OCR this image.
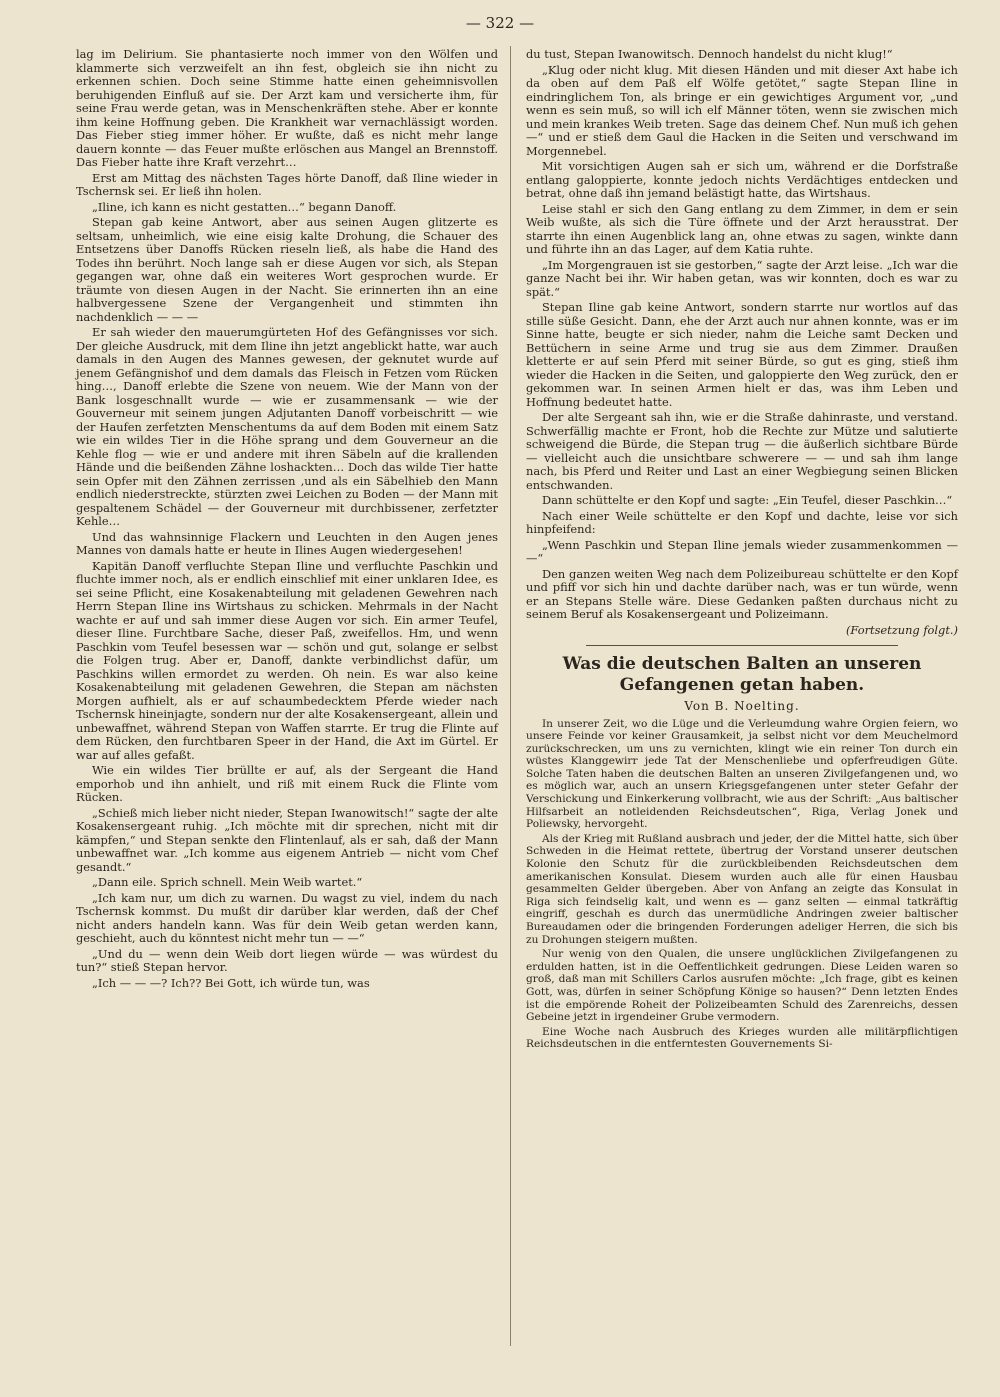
— 322 —

lag im Delirium. Sie phantasierte noch immer von den Wölfen und klammerte sich verzweifelt an ihn fest, obgleich sie ihn nicht zu erkennen schien. Doch seine Stimme hatte einen geheimnisvollen beruhigenden Einfluß auf sie. Der Arzt kam und versicherte ihm, für seine Frau werde getan, was in Menschenkräften stehe. Aber er konnte ihm keine Hoffnung geben. Die Krankheit war vernachlässigt worden. Das Fieber stieg immer höher. Er wußte, daß es nicht mehr lange dauern konnte — das Feuer mußte erlöschen aus Mangel an Brennstoff. Das Fieber hatte ihre Kraft verzehrt…

Erst am Mittag des nächsten Tages hörte Danoff, daß Iline wieder in Tschernsk sei. Er ließ ihn holen.

„Iline, ich kann es nicht gestatten…“ begann Danoff.

Stepan gab keine Antwort, aber aus seinen Augen glitzerte es seltsam, unheimlich, wie eine eisig kalte Drohung, die Schauer des Entsetzens über Danoffs Rücken rieseln ließ, als habe die Hand des Todes ihn berührt. Noch lange sah er diese Augen vor sich, als Stepan gegangen war, ohne daß ein weiteres Wort gesprochen wurde. Er träumte von diesen Augen in der Nacht. Sie erinnerten ihn an eine halbvergessene Szene der Vergangenheit und stimmten ihn nachdenklich — — —

Er sah wieder den mauerumgürteten Hof des Gefängnisses vor sich. Der gleiche Ausdruck, mit dem Iline ihn jetzt angeblickt hatte, war auch damals in den Augen des Mannes gewesen, der geknutet wurde auf jenem Gefängnishof und dem damals das Fleisch in Fetzen vom Rücken hing…, Danoff erlebte die Szene von neuem. Wie der Mann von der Bank losgeschnallt wurde — wie er zusammensank — wie der Gouverneur mit seinem jungen Adjutanten Danoff vorbeischritt — wie der Haufen zerfetzten Menschentums da auf dem Boden mit einem Satz wie ein wildes Tier in die Höhe sprang und dem Gouverneur an die Kehle flog — wie er und andere mit ihren Säbeln auf die krallenden Hände und die beißenden Zähne loshackten… Doch das wilde Tier hatte sein Opfer mit den Zähnen zerrissen ‚und als ein Säbelhieb den Mann endlich niederstreckte, stürzten zwei Leichen zu Boden — der Mann mit gespaltenem Schädel — der Gouverneur mit durchbissener, zerfetzter Kehle…

Und das wahnsinnige Flackern und Leuchten in den Augen jenes Mannes von damals hatte er heute in Ilines Augen wiedergesehen!

Kapitän Danoff verfluchte Stepan Iline und verfluchte Paschkin und fluchte immer noch, als er endlich einschlief mit einer unklaren Idee, es sei seine Pflicht, eine Kosakenabteilung mit geladenen Gewehren nach Herrn Stepan Iline ins Wirtshaus zu schicken. Mehrmals in der Nacht wachte er auf und sah immer diese Augen vor sich. Ein armer Teufel, dieser Iline. Furchtbare Sache, dieser Paß, zweifellos. Hm, und wenn Paschkin vom Teufel besessen war — schön und gut, solange er selbst die Folgen trug. Aber er, Danoff, dankte verbindlichst dafür, um Paschkins willen ermordet zu werden. Oh nein. Es war also keine Kosakenabteilung mit geladenen Gewehren, die Stepan am nächsten Morgen aufhielt, als er auf schaumbedecktem Pferde wieder nach Tschernsk hineinjagte, sondern nur der alte Kosakensergeant, allein und unbewaffnet, während Stepan von Waffen starrte. Er trug die Flinte auf dem Rücken, den furchtbaren Speer in der Hand, die Axt im Gürtel. Er war auf alles gefaßt.

Wie ein wildes Tier brüllte er auf, als der Sergeant die Hand emporhob und ihn anhielt, und riß mit einem Ruck die Flinte vom Rücken.

„Schieß mich lieber nicht nieder, Stepan Iwanowitsch!“ sagte der alte Kosakensergeant ruhig. „Ich möchte mit dir sprechen, nicht mit dir kämpfen,“ und Stepan senkte den Flintenlauf, als er sah, daß der Mann unbewaffnet war. „Ich komme aus eigenem Antrieb — nicht vom Chef gesandt.“

„Dann eile. Sprich schnell. Mein Weib wartet.“

„Ich kam nur, um dich zu warnen. Du wagst zu viel, indem du nach Tschernsk kommst. Du mußt dir darüber klar werden, daß der Chef nicht anders handeln kann. Was für dein Weib getan werden kann, geschieht, auch du könntest nicht mehr tun — —“

„Und du — wenn dein Weib dort liegen würde — was würdest du tun?“ stieß Stepan hervor.

„Ich — — —? Ich?? Bei Gott, ich würde tun, was

du tust, Stepan Iwanowitsch. Dennoch handelst du nicht klug!“

„Klug oder nicht klug. Mit diesen Händen und mit dieser Axt habe ich da oben auf dem Paß elf Wölfe getötet,“ sagte Stepan Iline in eindringlichem Ton, als bringe er ein gewichtiges Argument vor, „und wenn es sein muß, so will ich elf Männer töten, wenn sie zwischen mich und mein krankes Weib treten. Sage das deinem Chef. Nun muß ich gehen —“ und er stieß dem Gaul die Hacken in die Seiten und verschwand im Morgennebel.

Mit vorsichtigen Augen sah er sich um, während er die Dorfstraße entlang galoppierte, konnte jedoch nichts Verdächtiges entdecken und betrat, ohne daß ihn jemand belästigt hatte, das Wirtshaus.

Leise stahl er sich den Gang entlang zu dem Zimmer, in dem er sein Weib wußte, als sich die Türe öffnete und der Arzt herausstrat. Der starrte ihn einen Augenblick lang an, ohne etwas zu sagen, winkte dann und führte ihn an das Lager, auf dem Katia ruhte.

„Im Morgengrauen ist sie gestorben,“ sagte der Arzt leise. „Ich war die ganze Nacht bei ihr. Wir haben getan, was wir konnten, doch es war zu spät.“

Stepan Iline gab keine Antwort, sondern starrte nur wortlos auf das stille süße Gesicht. Dann, ehe der Arzt auch nur ahnen konnte, was er im Sinne hatte, beugte er sich nieder, nahm die Leiche samt Decken und Bettüchern in seine Arme und trug sie aus dem Zimmer. Draußen kletterte er auf sein Pferd mit seiner Bürde, so gut es ging, stieß ihm wieder die Hacken in die Seiten, und galoppierte den Weg zurück, den er gekommen war. In seinen Armen hielt er das, was ihm Leben und Hoffnung bedeutet hatte.

Der alte Sergeant sah ihn, wie er die Straße dahinraste, und verstand. Schwerfällig machte er Front, hob die Rechte zur Mütze und salutierte schweigend die Bürde, die Stepan trug — die äußerlich sichtbare Bürde — vielleicht auch die unsichtbare schwerere — — und sah ihm lange nach, bis Pferd und Reiter und Last an einer Wegbiegung seinen Blicken entschwanden.

Dann schüttelte er den Kopf und sagte: „Ein Teufel, dieser Paschkin…“

Nach einer Weile schüttelte er den Kopf und dachte, leise vor sich hinpfeifend:

„Wenn Paschkin und Stepan Iline jemals wieder zusammenkommen — —“

Den ganzen weiten Weg nach dem Polizeibureau schüttelte er den Kopf und pfiff vor sich hin und dachte darüber nach, was er tun würde, wenn er an Stepans Stelle wäre. Diese Gedanken paßten durchaus nicht zu seinem Beruf als Kosakensergeant und Polizeimann.

(Fortsetzung folgt.)

Was die deutschen Balten an unseren Gefangenen getan haben.
Von B. Noelting.

In unserer Zeit, wo die Lüge und die Verleumdung wahre Orgien feiern, wo unsere Feinde vor keiner Grausamkeit, ja selbst nicht vor dem Meuchelmord zurückschrecken, um uns zu vernichten, klingt wie ein reiner Ton durch ein wüstes Klanggewirr jede Tat der Menschenliebe und opferfreudigen Güte. Solche Taten haben die deutschen Balten an unseren Zivilgefangenen und, wo es möglich war, auch an unsern Kriegsgefangenen unter steter Gefahr der Verschickung und Einkerkerung vollbracht, wie aus der Schrift: „Aus baltischer Hilfsarbeit an notleidenden Reichsdeutschen“, Riga, Verlag Jonek und Poliewsky, hervorgeht.

Als der Krieg mit Rußland ausbrach und jeder, der die Mittel hatte, sich über Schweden in die Heimat rettete, übertrug der Vorstand unserer deutschen Kolonie den Schutz für die zurückbleibenden Reichsdeutschen dem amerikanischen Konsulat. Diesem wurden auch alle für einen Hausbau gesammelten Gelder übergeben. Aber von Anfang an zeigte das Konsulat in Riga sich feindselig kalt, und wenn es — ganz selten — einmal tatkräftig eingriff, geschah es durch das unermüdliche Andringen zweier baltischer Bureaudamen oder die bringenden Forderungen adeliger Herren, die sich bis zu Drohungen steigern mußten.

Nur wenig von den Qualen, die unsere unglücklichen Zivilgefangenen zu erdulden hatten, ist in die Oeffentlichkeit gedrungen. Diese Leiden waren so groß, daß man mit Schillers Carlos ausrufen möchte: „Ich frage, gibt es keinen Gott, was, dürfen in seiner Schöpfung Könige so hausen?“ Denn letzten Endes ist die empörende Roheit der Polizeibeamten Schuld des Zarenreichs, dessen Gebeine jetzt in irgendeiner Grube vermodern.

Eine Woche nach Ausbruch des Krieges wurden alle militärpflichtigen Reichsdeutschen in die entferntesten Gouvernements Si-
